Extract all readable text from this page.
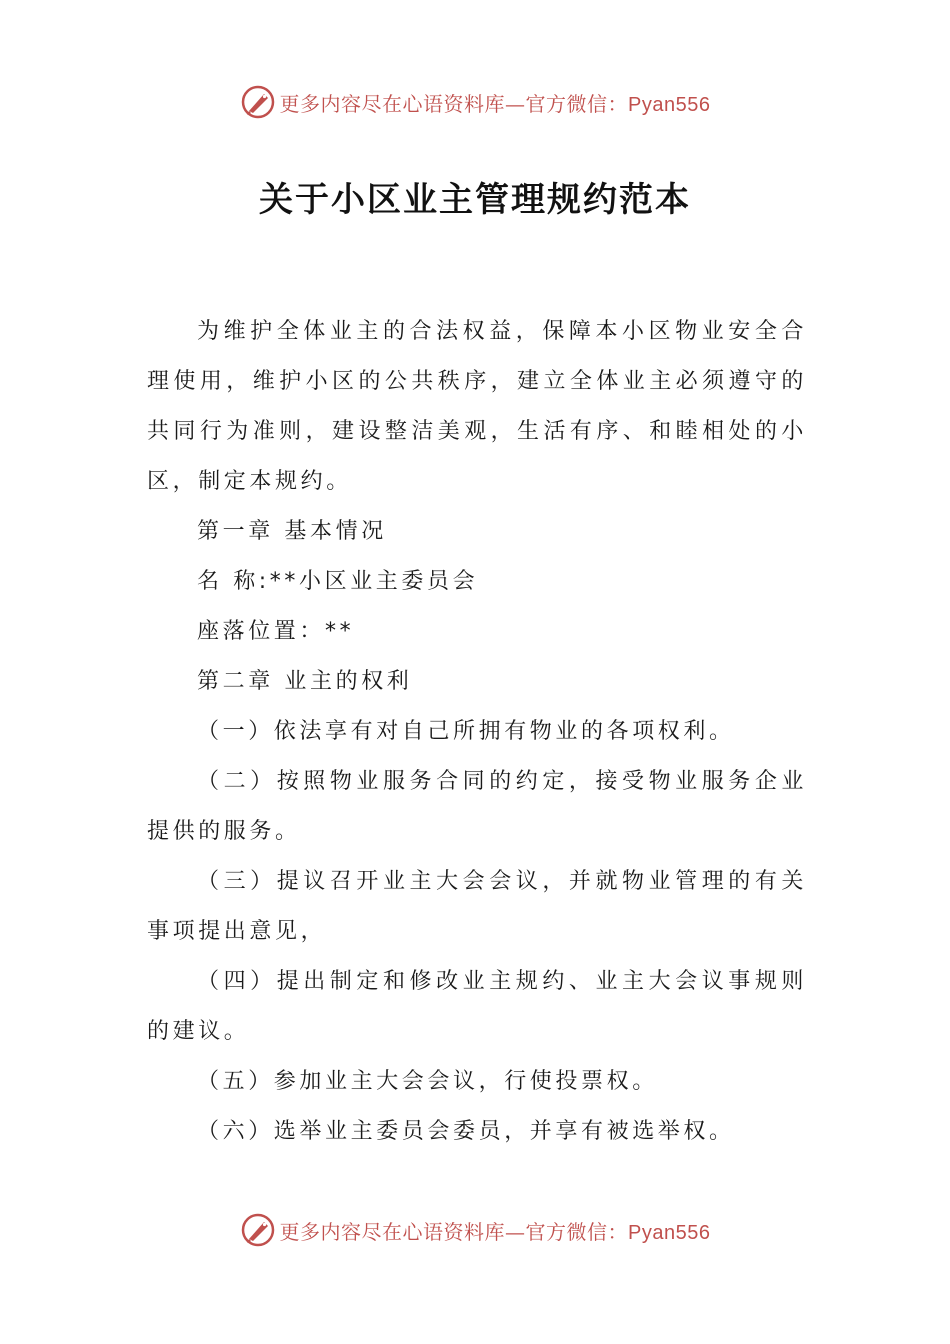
更多内容尽在心语资料库—官方微信：Pyan556
关于小区业主管理规约范本

为维护全体业主的合法权益，保障本小区物业安全合理使用，维护小区的公共秩序，建立全体业主必须遵守的共同行为准则，建设整洁美观，生活有序、和睦相处的小区，制定本规约。

第一章 基本情况

名 称:**小区业主委员会

座落位置：**

第二章 业主的权利

（一）依法享有对自己所拥有物业的各项权利。

（二）按照物业服务合同的约定，接受物业服务企业提供的服务。

（三）提议召开业主大会会议，并就物业管理的有关事项提出意见，

（四）提出制定和修改业主规约、业主大会议事规则的建议。

（五）参加业主大会会议，行使投票权。

（六）选举业主委员会委员，并享有被选举权。

更多内容尽在心语资料库—官方微信：Pyan556
